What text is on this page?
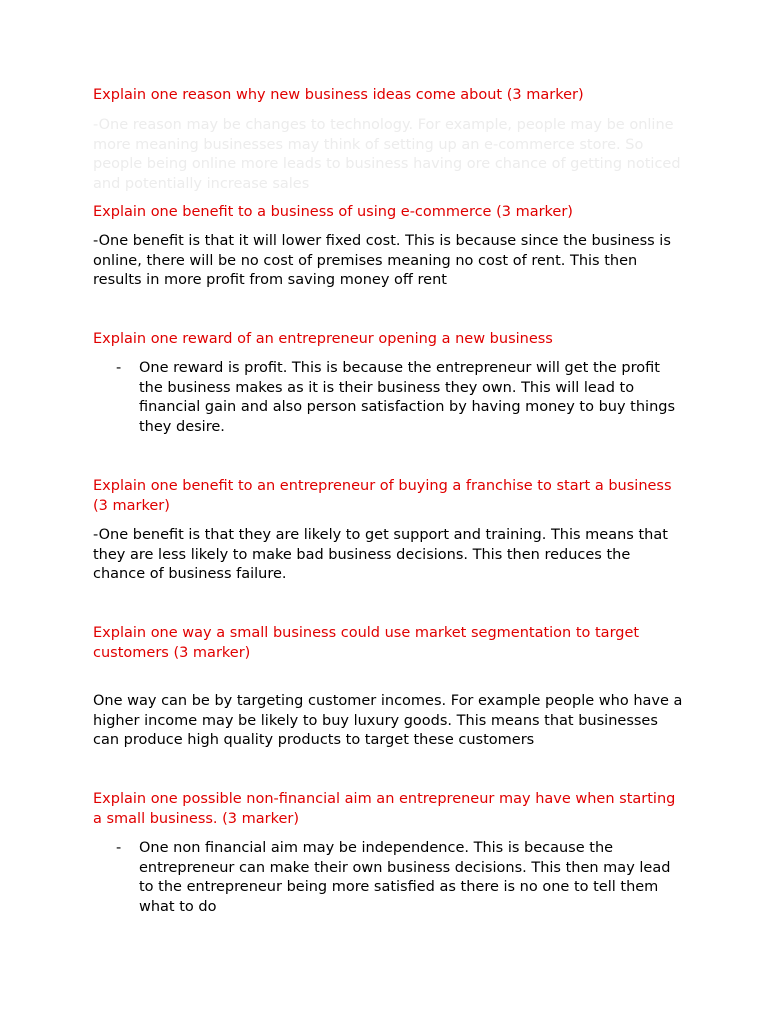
Explain one reason why new business ideas come about (3 marker)

-One reason may be changes to technology. For example, people may be online more meaning businesses may think of setting up an e-commerce store. So people being online more leads to business having ore chance of getting noticed and potentially increase sales

Explain one benefit to a business of using e-commerce (3 marker)

-One benefit is that it will lower fixed cost. This is because since the business is online, there will be no cost of premises meaning no cost of rent. This then results in more profit from saving money off rent

Explain one reward of an entrepreneur opening a new business

- One reward is profit. This is because the entrepreneur will get the profit the business makes as it is their business they own. This will lead to financial gain and also person satisfaction by having money to buy things they desire.

Explain one benefit to an entrepreneur of buying a franchise to start a business (3 marker)

-One benefit is that they are likely to get support and training. This means that they are less likely to make bad business decisions. This then reduces the chance of business failure.

Explain one way a small business could use market segmentation to target customers (3 marker)

One way can be by targeting customer incomes. For example people who have a higher income may be likely to buy luxury goods. This means that businesses can produce high quality products to target these customers

Explain one possible non-financial aim an entrepreneur may have when starting a small business. (3 marker)

- One non financial aim may be independence. This is because the entrepreneur can make their own business decisions. This then may lead to the entrepreneur being more satisfied as there is no one to tell them what to do
